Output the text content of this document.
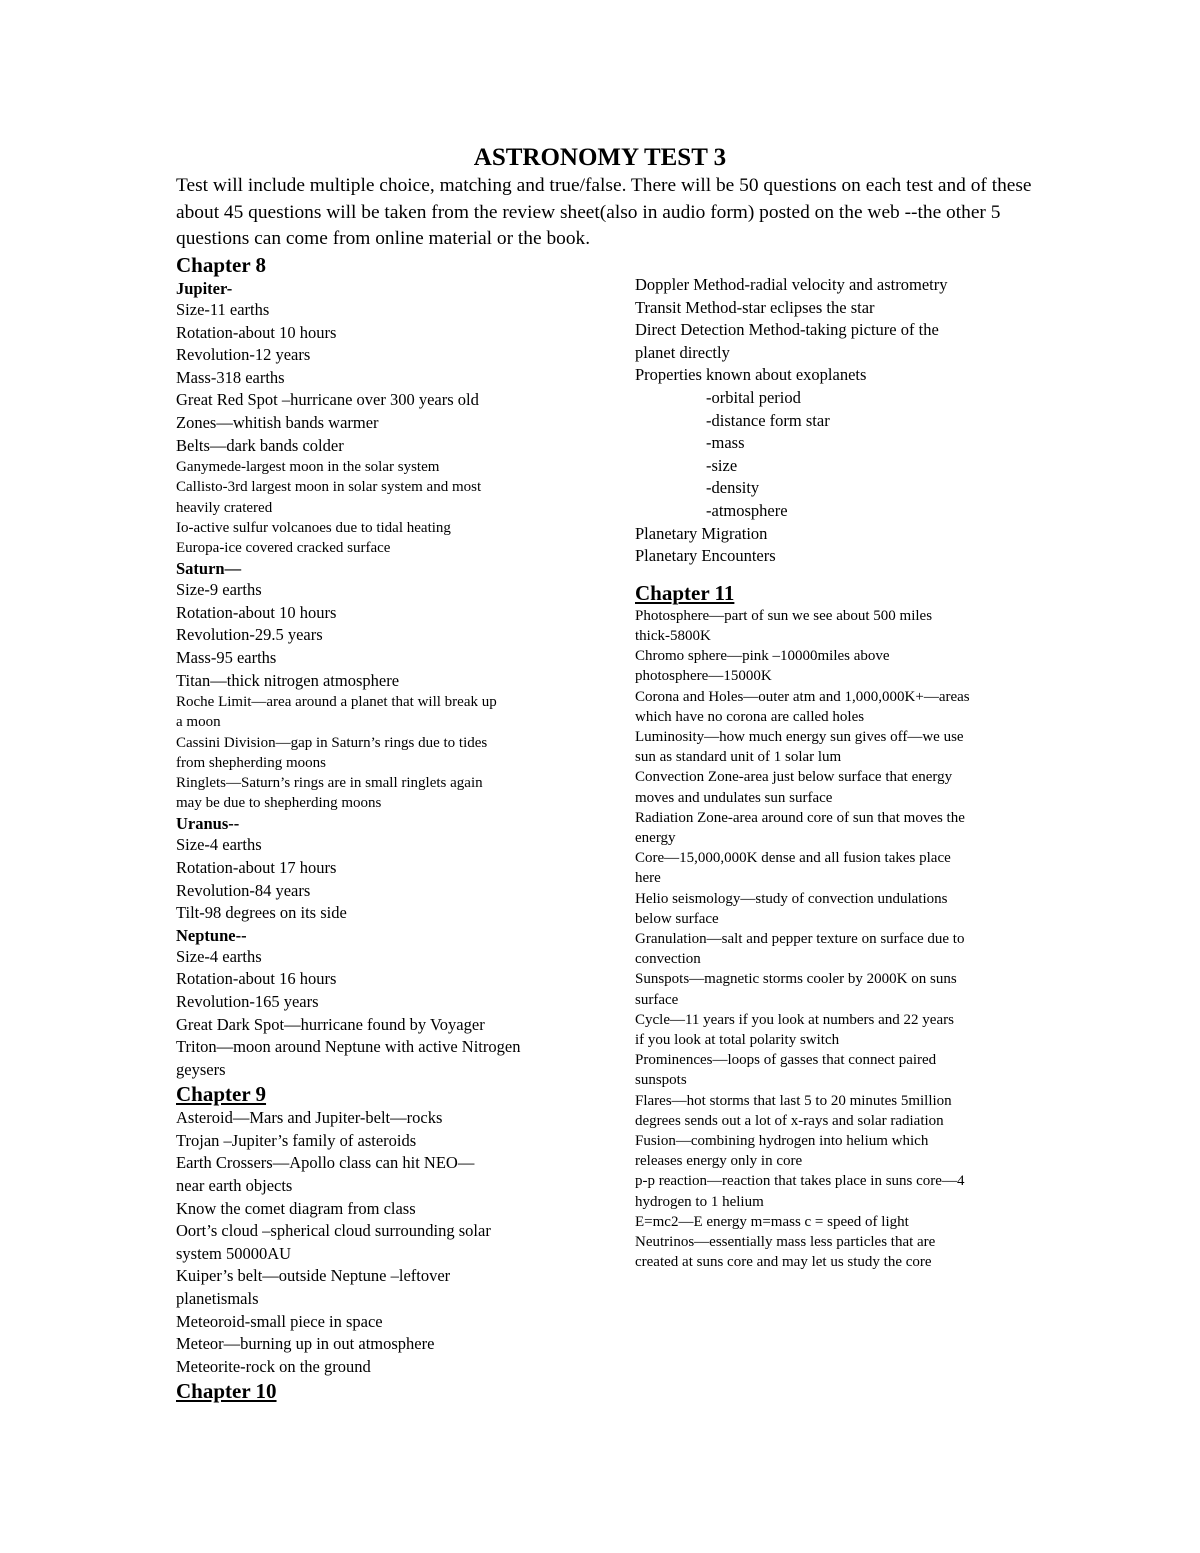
ASTRONOMY TEST 3

Test will include multiple choice, matching and true/false. There will be 50 questions on each test and of these about 45 questions will be taken from the review sheet(also in audio form) posted on the web --the other 5 questions can come from online material or the book.

Chapter 8
Jupiter-
Size-11 earths
Rotation-about 10 hours
Revolution-12 years
Mass-318 earths
Great Red Spot –hurricane over 300 years old
Zones—whitish bands warmer
Belts—dark bands colder
Ganymede-largest moon in the solar system
Callisto-3rd largest moon in solar system and most
heavily cratered
Io-active sulfur volcanoes due to tidal heating
Europa-ice covered cracked surface
Saturn—
Size-9 earths
Rotation-about 10 hours
Revolution-29.5 years
Mass-95 earths
Titan—thick nitrogen atmosphere
Roche Limit—area around a planet that will break up
a moon
Cassini Division—gap in Saturn’s rings due to tides
from shepherding moons
Ringlets—Saturn’s rings are in small ringlets again
may be due to shepherding moons
Uranus--
Size-4 earths
Rotation-about 17 hours
Revolution-84 years
Tilt-98 degrees on its side
Neptune--
Size-4 earths
Rotation-about 16 hours
Revolution-165 years
Great Dark Spot—hurricane found by Voyager
Triton—moon around Neptune with active Nitrogen
geysers
Chapter 9
Asteroid—Mars and Jupiter-belt—rocks
Trojan –Jupiter’s family of asteroids
Earth Crossers—Apollo class can hit NEO—
near earth objects
Know the comet diagram from class
Oort’s cloud –spherical cloud surrounding solar
system 50000AU
Kuiper’s belt—outside Neptune –leftover
planetismals
Meteoroid-small piece in space
Meteor—burning up in out atmosphere
Meteorite-rock on the ground
Chapter 10
Doppler Method-radial velocity and astrometry
Transit Method-star eclipses the star
Direct Detection Method-taking picture of the
planet directly
Properties known about exoplanets
-orbital period
-distance form star
-mass
-size
-density
-atmosphere
Planetary Migration
Planetary Encounters
Chapter 11
Photosphere—part of sun we see about 500 miles
thick-5800K
Chromo sphere—pink –10000miles above
photosphere—15000K
Corona and Holes—outer atm and 1,000,000K+—areas
which have no corona are called holes
Luminosity—how much energy sun gives off—we use
sun as standard unit of 1 solar lum
Convection Zone-area just below surface that energy
moves and undulates sun surface
Radiation Zone-area around core of sun that moves the
energy
Core—15,000,000K dense and all fusion takes place
here
Helio seismology—study of convection undulations
below surface
Granulation—salt and pepper texture on surface due to
convection
Sunspots—magnetic storms cooler by 2000K on suns
surface
Cycle—11 years if you look at numbers and 22 years
if you look at total polarity switch
Prominences—loops of gasses that connect paired
sunspots
Flares—hot storms that last 5 to 20 minutes 5million
degrees sends out a lot of x-rays and solar radiation
Fusion—combining hydrogen into helium which
releases energy only in core
p-p reaction—reaction that takes place in suns core—4
hydrogen to 1 helium
E=mc2—E energy m=mass c = speed of light
Neutrinos—essentially mass less particles that are
created at suns core and may let us study the core
